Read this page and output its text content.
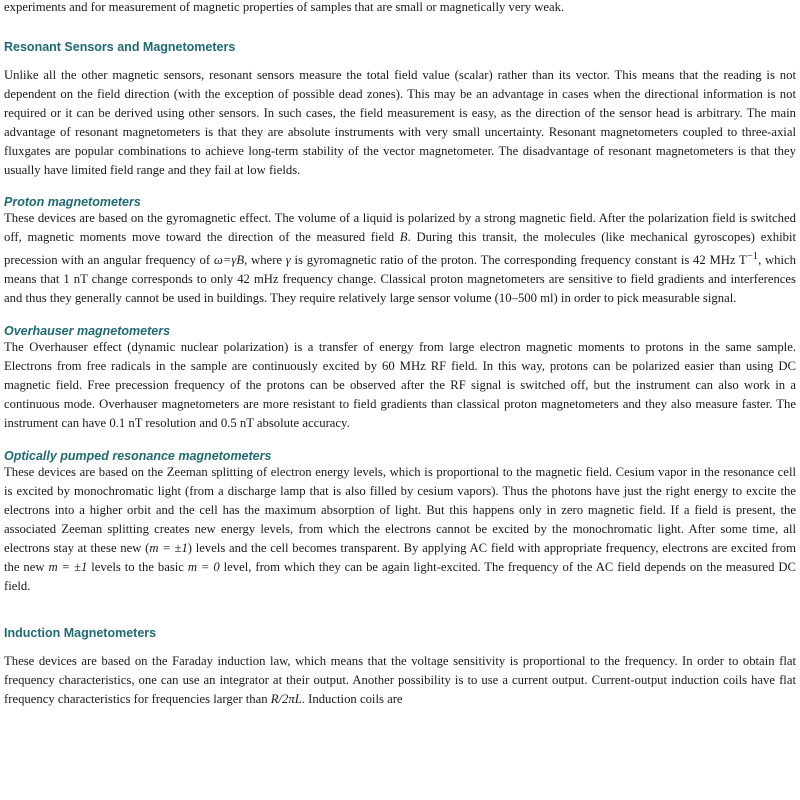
experiments and for measurement of magnetic properties of samples that are small or magnetically very weak.

Resonant Sensors and Magnetometers

Unlike all the other magnetic sensors, resonant sensors measure the total field value (scalar) rather than its vector. This means that the reading is not dependent on the field direction (with the exception of possible dead zones). This may be an advantage in cases when the directional information is not required or it can be derived using other sensors. In such cases, the field measurement is easy, as the direction of the sensor head is arbitrary. The main advantage of resonant magnetometers is that they are absolute instruments with very small uncertainty. Resonant magnetometers coupled to three-axial fluxgates are popular combinations to achieve long-term stability of the vector magnetometer. The disadvantage of resonant magnetometers is that they usually have limited field range and they fail at low fields.

Proton magnetometers

These devices are based on the gyromagnetic effect. The volume of a liquid is polarized by a strong magnetic field. After the polarization field is switched off, magnetic moments move toward the direction of the measured field B. During this transit, the molecules (like mechanical gyroscopes) exhibit precession with an angular frequency of ω=γB, where γ is gyromagnetic ratio of the proton. The corresponding frequency constant is 42 MHz $T^{-1}$, which means that 1 nT change corresponds to only 42 mHz frequency change. Classical proton magnetometers are sensitive to field gradients and interferences and thus they generally cannot be used in buildings. They require relatively large sensor volume (10–500 ml) in order to pick measurable signal.

Overhauser magnetometers

The Overhauser effect (dynamic nuclear polarization) is a transfer of energy from large electron magnetic moments to protons in the same sample. Electrons from free radicals in the sample are continuously excited by 60 MHz RF field. In this way, protons can be polarized easier than using DC magnetic field. Free precession frequency of the protons can be observed after the RF signal is switched off, but the instrument can also work in a continuous mode. Overhauser magnetometers are more resistant to field gradients than classical proton magnetometers and they also measure faster. The instrument can have 0.1 nT resolution and 0.5 nT absolute accuracy.

Optically pumped resonance magnetometers

These devices are based on the Zeeman splitting of electron energy levels, which is proportional to the magnetic field. Cesium vapor in the resonance cell is excited by monochromatic light (from a discharge lamp that is also filled by cesium vapors). Thus the photons have just the right energy to excite the electrons into a higher orbit and the cell has the maximum absorption of light. But this happens only in zero magnetic field. If a field is present, the associated Zeeman splitting creates new energy levels, from which the electrons cannot be excited by the monochromatic light. After some time, all electrons stay at these new (m = ±1) levels and the cell becomes transparent. By applying AC field with appropriate frequency, electrons are excited from the new m = ±1 levels to the basic m = 0 level, from which they can be again light-excited. The frequency of the AC field depends on the measured DC field.

Induction Magnetometers

These devices are based on the Faraday induction law, which means that the voltage sensitivity is proportional to the frequency. In order to obtain flat frequency characteristics, one can use an integrator at their output. Another possibility is to use a current output. Current-output induction coils have flat frequency characteristics for frequencies larger than R/2πL. Induction coils are
